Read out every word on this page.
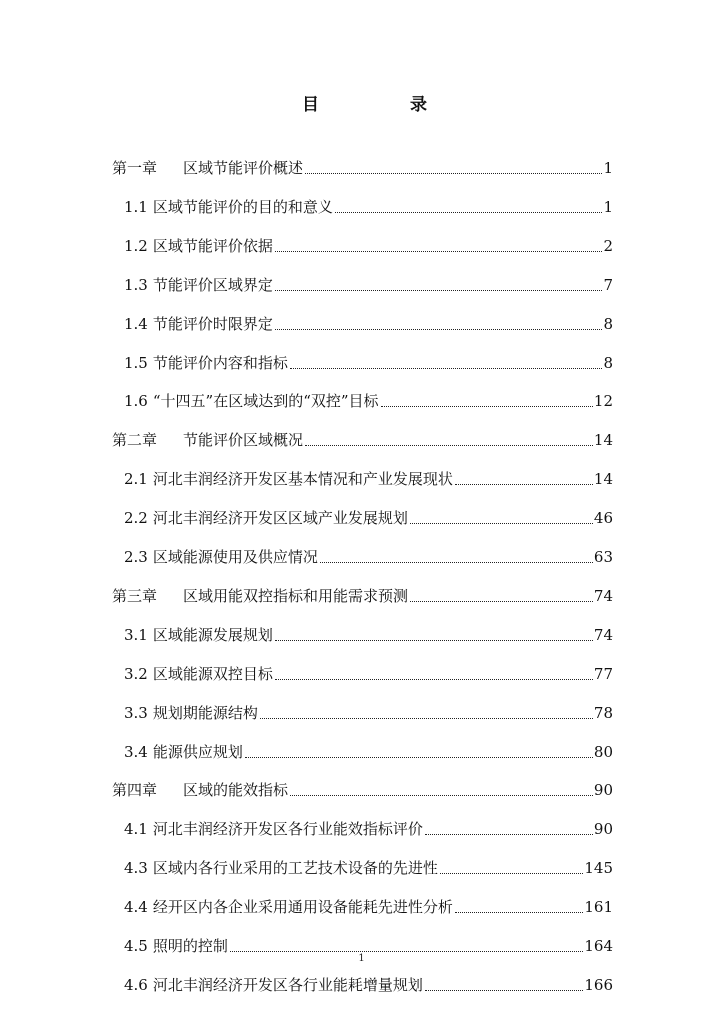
目	录
第一章 区域节能评价概述	1
1.1 区域节能评价的目的和意义	1
1.2 区域节能评价依据	2
1.3 节能评价区域界定	7
1.4 节能评价时限界定	8
1.5 节能评价内容和指标	8
1.6 “十四五”在区域达到的“双控”目标	12
第二章 节能评价区域概况	14
2.1 河北丰润经济开发区基本情况和产业发展现状	14
2.2 河北丰润经济开发区区域产业发展规划	46
2.3 区域能源使用及供应情况	63
第三章 区域用能双控指标和用能需求预测	74
3.1 区域能源发展规划	74
3.2 区域能源双控目标	77
3.3 规划期能源结构	78
3.4 能源供应规划	80
第四章 区域的能效指标	90
4.1 河北丰润经济开发区各行业能效指标评价	90
4.3 区域内各行业采用的工艺技术设备的先进性	145
4.4 经开区内各企业采用通用设备能耗先进性分析	161
4.5 照明的控制	164
4.6 河北丰润经济开发区各行业能耗增量规划	166
1
